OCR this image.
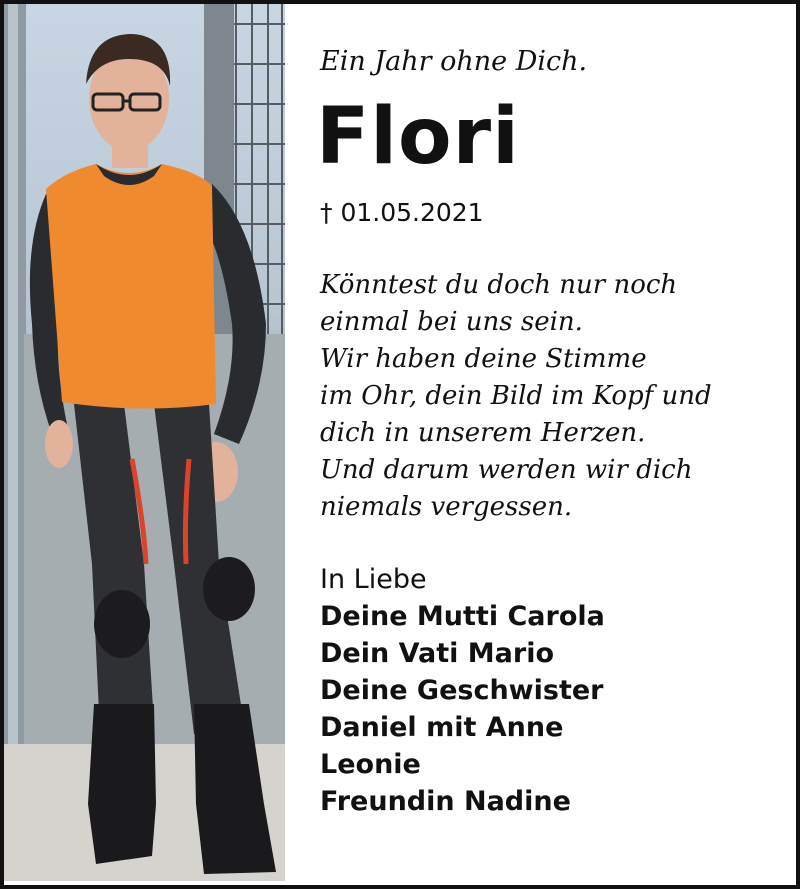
Ein Jahr ohne Dich.

Flori
† 01.05.2021
Könntest du doch nur noch
einmal bei uns sein.
Wir haben deine Stimme
im Ohr, dein Bild im Kopf und
dich in unserem Herzen.
Und darum werden wir dich
niemals vergessen.
In Liebe
Deine Mutti Carola
Dein Vati Mario
Deine Geschwister
Daniel mit Anne
Leonie
Freundin Nadine
